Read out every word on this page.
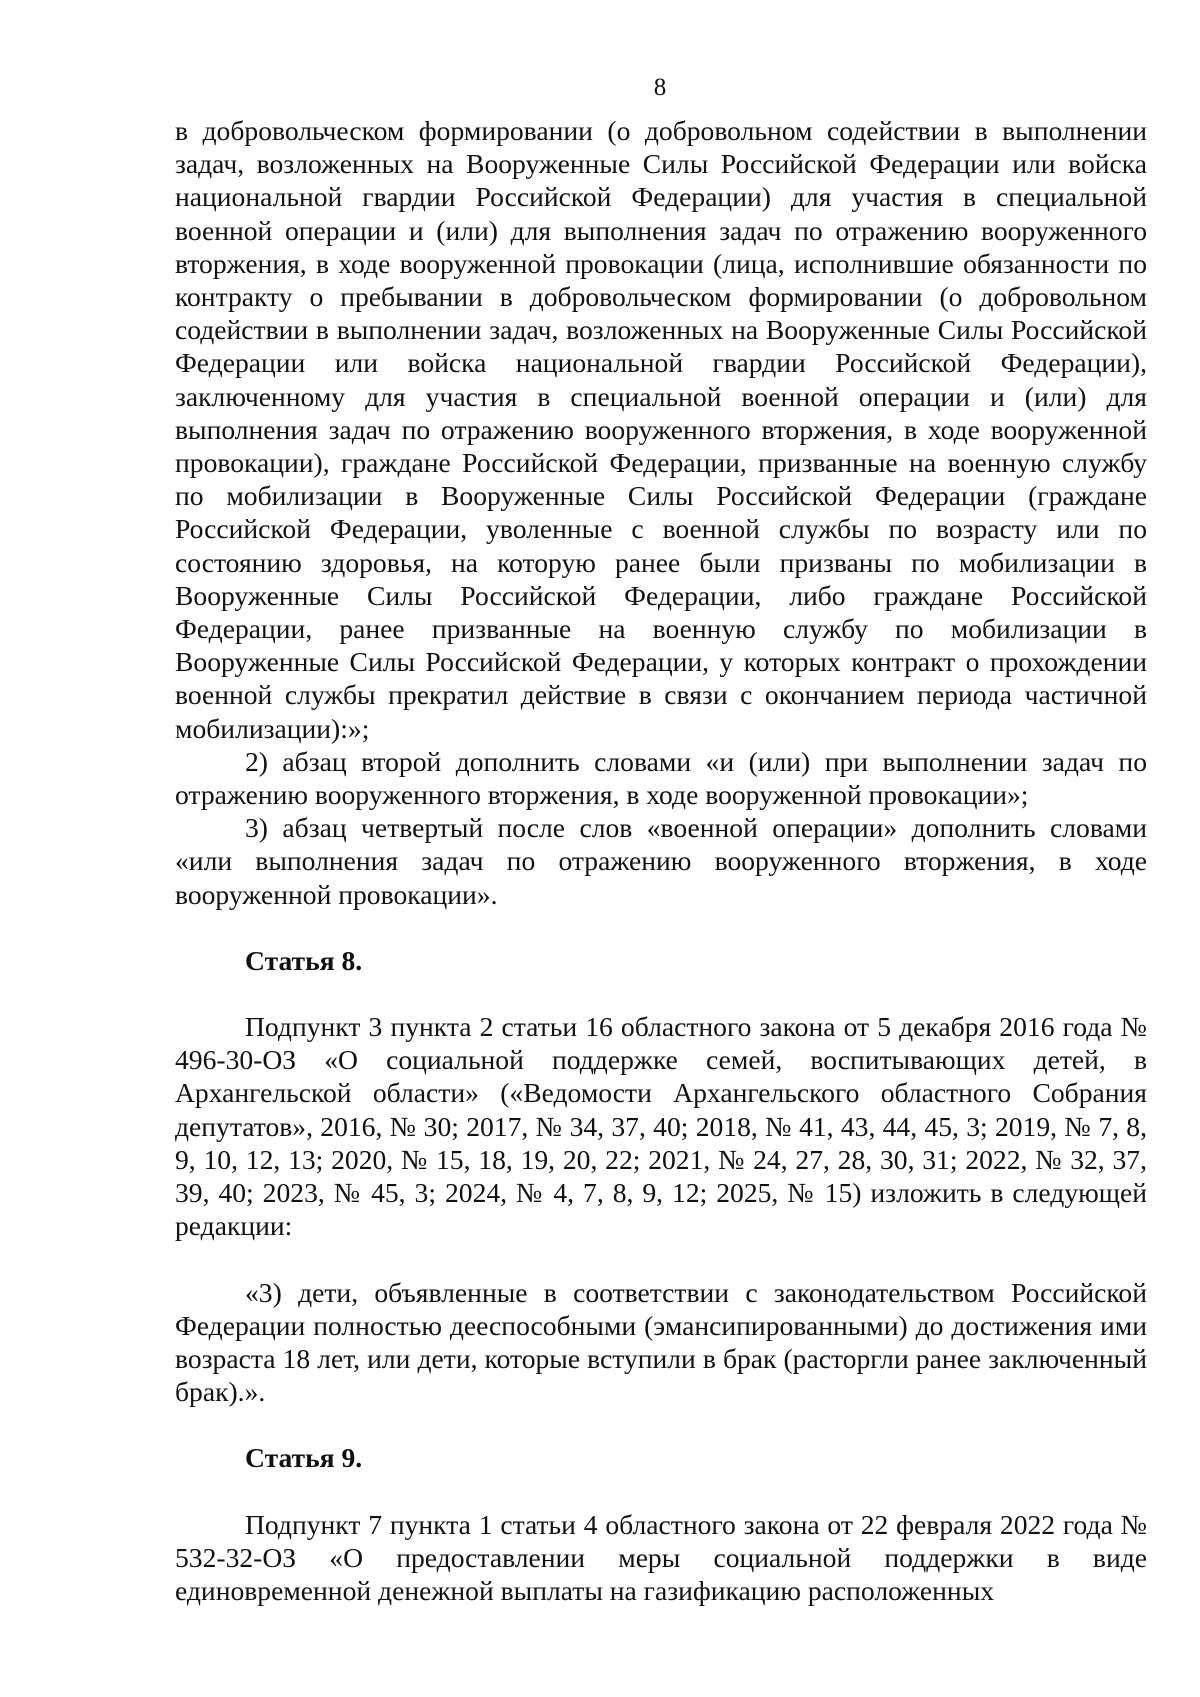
8

в добровольческом формировании (о добровольном содействии в выполнении задач, возложенных на Вооруженные Силы Российской Федерации или войска национальной гвардии Российской Федерации) для участия в специальной военной операции и (или) для выполнения задач по отражению вооруженного вторжения, в ходе вооруженной провокации (лица, исполнившие обязанности по контракту о пребывании в добровольческом формировании (о добровольном содействии в выполнении задач, возложенных на Вооруженные Силы Российской Федерации или войска национальной гвардии Российской Федерации), заключенному для участия в специальной военной операции и (или) для выполнения задач по отражению вооруженного вторжения, в ходе вооруженной провокации), граждане Российской Федерации, призванные на военную службу по мобилизации в Вооруженные Силы Российской Федерации (граждане Российской Федерации, уволенные с военной службы по возрасту или по состоянию здоровья, на которую ранее были призваны по мобилизации в Вооруженные Силы Российской Федерации, либо граждане Российской Федерации, ранее призванные на военную службу по мобилизации в Вооруженные Силы Российской Федерации, у которых контракт о прохождении военной службы прекратил действие в связи с окончанием периода частичной мобилизации):»;

2) абзац второй дополнить словами «и (или) при выполнении задач по отражению вооруженного вторжения, в ходе вооруженной провокации»;

3) абзац четвертый после слов «военной операции» дополнить словами «или выполнения задач по отражению вооруженного вторжения, в ходе вооруженной провокации».

Статья 8.

Подпункт 3 пункта 2 статьи 16 областного закона от 5 декабря 2016 года № 496-30-ОЗ «О социальной поддержке семей, воспитывающих детей, в Архангельской области» («Ведомости Архангельского областного Собрания депутатов», 2016, № 30; 2017, № 34, 37, 40; 2018, № 41, 43, 44, 45, 3; 2019, № 7, 8, 9, 10, 12, 13; 2020, № 15, 18, 19, 20, 22; 2021, № 24, 27, 28, 30, 31; 2022, № 32, 37, 39, 40; 2023, № 45, 3; 2024, № 4, 7, 8, 9, 12; 2025, № 15) изложить в следующей редакции:

«3) дети, объявленные в соответствии с законодательством Российской Федерации полностью дееспособными (эмансипированными) до достижения ими возраста 18 лет, или дети, которые вступили в брак (расторгли ранее заключенный брак).».

Статья 9.

Подпункт 7 пункта 1 статьи 4 областного закона от 22 февраля 2022 года № 532-32-ОЗ «О предоставлении меры социальной поддержки в виде единовременной денежной выплаты на газификацию расположенных
